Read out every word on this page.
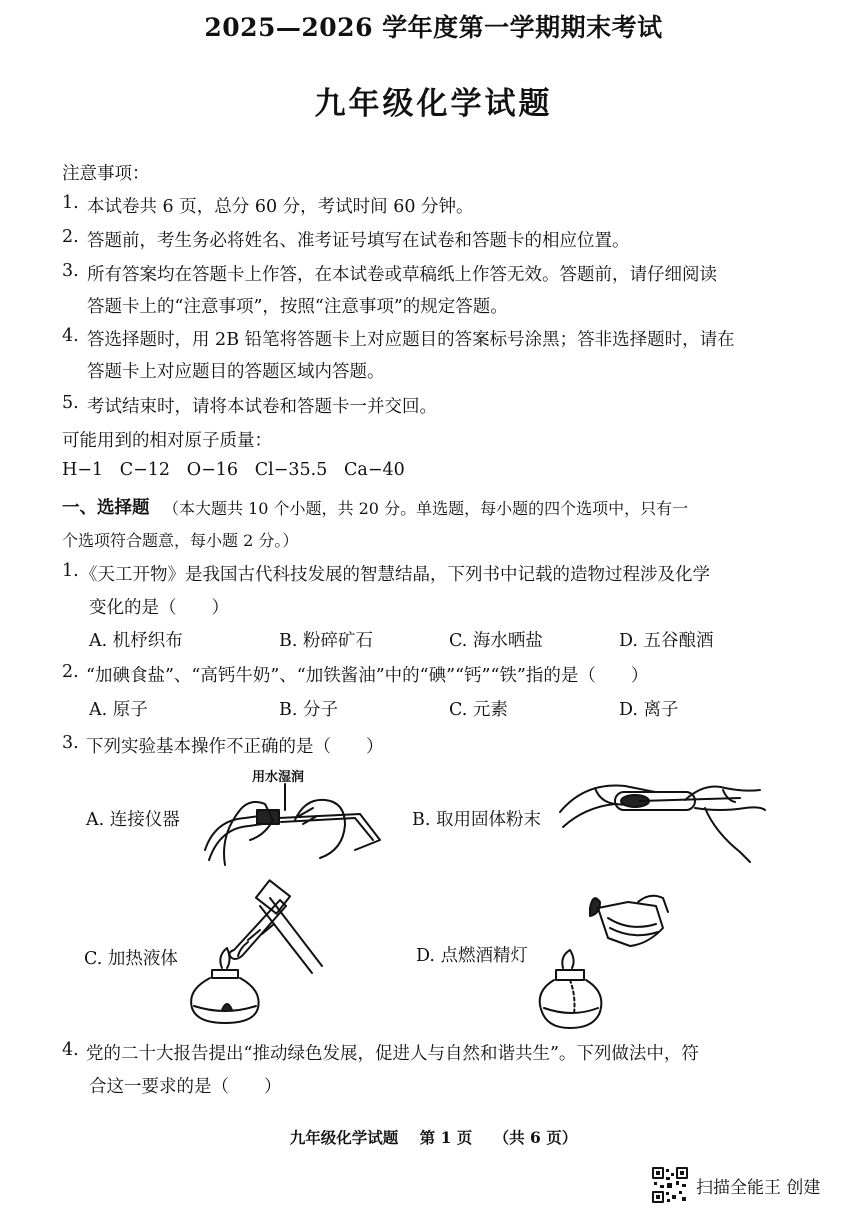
2025—2026 学年度第一学期期末考试
九年级化学试题
注意事项：
1. 本试卷共 6 页，总分 60 分，考试时间 60 分钟。
2. 答题前，考生务必将姓名、准考证号填写在试卷和答题卡的相应位置。
3. 所有答案均在答题卡上作答，在本试卷或草稿纸上作答无效。答题前，请仔细阅读
答题卡上的“注意事项”，按照“注意事项”的规定答题。
4. 答选择题时，用 2B 铅笔将答题卡上对应题目的答案标号涂黑；答非选择题时，请在
答题卡上对应题目的答题区域内答题。
5. 考试结束时，请将本试卷和答题卡一并交回。
可能用到的相对原子质量：
H−1   C−12   O−16   Cl−35.5   Ca−40
一、选择题 （本大题共 10 个小题，共 20 分。单选题，每小题的四个选项中，只有一
个选项符合题意，每小题 2 分。）
1. 《天工开物》是我国古代科技发展的智慧结晶，下列书中记载的造物过程涉及化学
变化的是（　　）
A. 机杼织布	B. 粉碎矿石	C. 海水晒盐	D. 五谷酿酒
2. “加碘食盐”、“高钙牛奶”、“加铁酱油”中的“碘”“钙”“铁”指的是（　　）
A. 原子	B. 分子	C. 元素	D. 离子
3. 下列实验基本操作不正确的是（　　）
A. 连接仪器	B. 取用固体粉末
C. 加热液体	D. 点燃酒精灯
用水湿润
4. 党的二十大报告提出“推动绿色发展，促进人与自然和谐共生”。下列做法中，符
合这一要求的是（　　）
九年级化学试题 第 1 页 （共 6 页）
扫描全能王 创建
